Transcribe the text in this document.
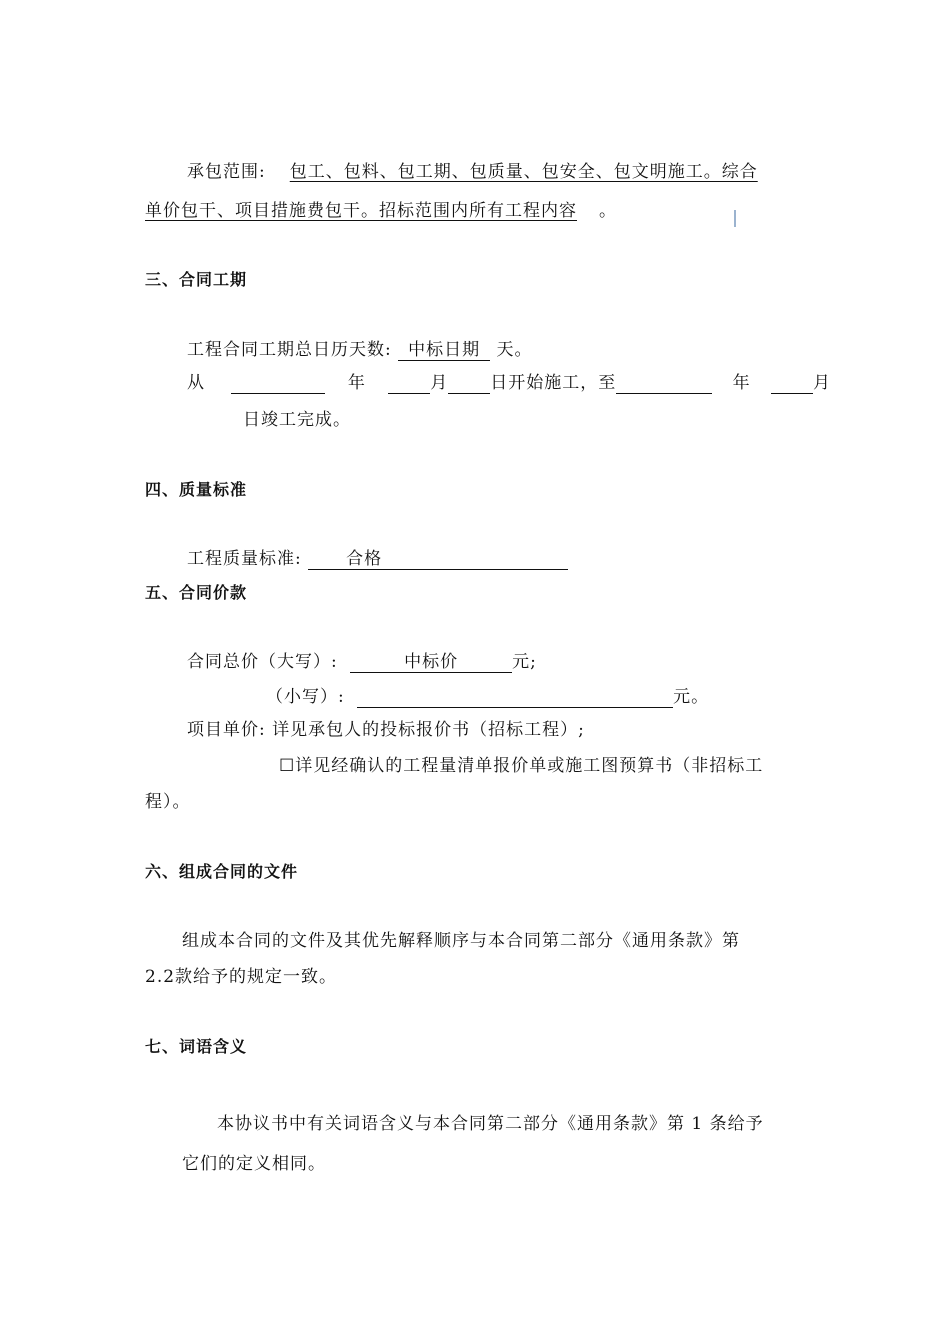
承包范围: 包工、包料、包工期、包质量、包安全、包文明施工。综合
单价包干、项目措施费包干。招标范围内所有工程内容 。
三、合同工期
工程合同工期总日历天数: 中标日期 天。
从	年	月 日开始施工，至	年	月
日竣工完成。
四、质量标准
工程质量标准:	合格
五、合同价款
合同总价（大写）:	中标价	元;
（小写）:	元。
项目单价: 详见承包人的投标报价书（招标工程）;
☐详见经确认的工程量清单报价单或施工图预算书（非招标工
程）。
六、组成合同的文件
组成本合同的文件及其优先解释顺序与本合同第二部分《通用条款》第
2.2款给予的规定一致。
七、词语含义
本协议书中有关词语含义与本合同第二部分《通用条款》第 1 条给予
它们的定义相同。
